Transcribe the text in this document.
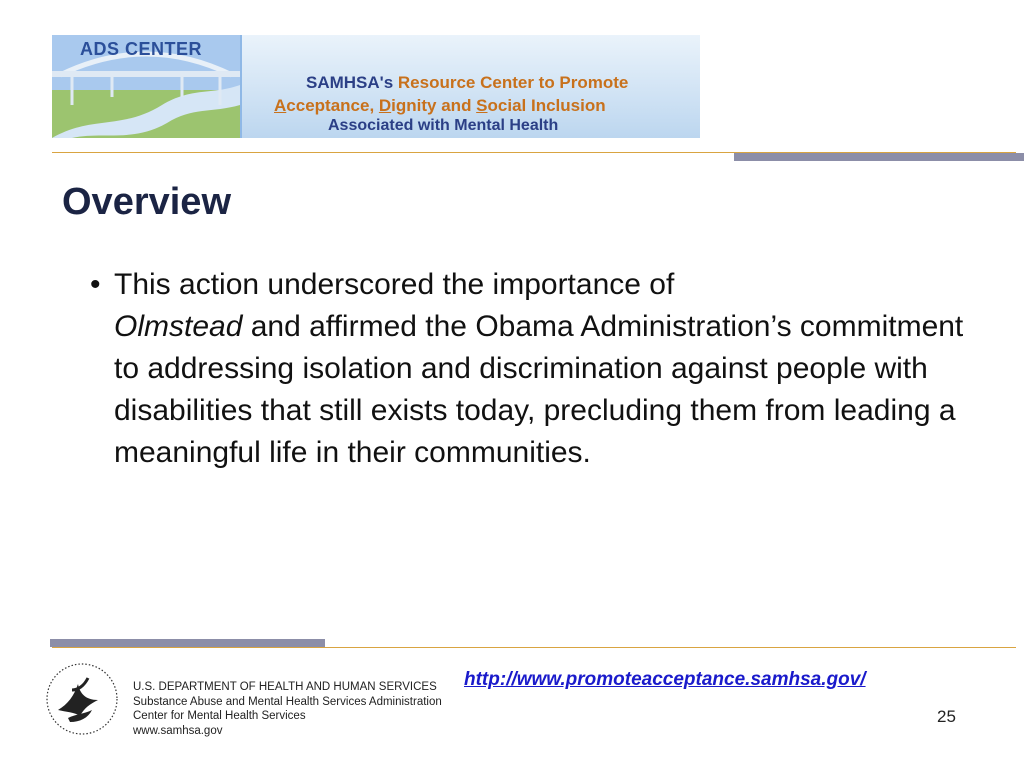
ADS CENTER
SAMHSA's Resource Center to Promote
Acceptance, Dignity and Social Inclusion
Associated with Mental Health
Overview
• This action underscored the importance of
Olmstead and affirmed the Obama Administration’s commitment to addressing isolation and discrimination against people with disabilities that still exists today, precluding them from leading a meaningful life in their communities.
U.S. DEPARTMENT OF HEALTH AND HUMAN SERVICES
Substance Abuse and Mental Health Services Administration
Center for Mental Health Services
www.samhsa.gov
http://www.promoteacceptance.samhsa.gov/
25
